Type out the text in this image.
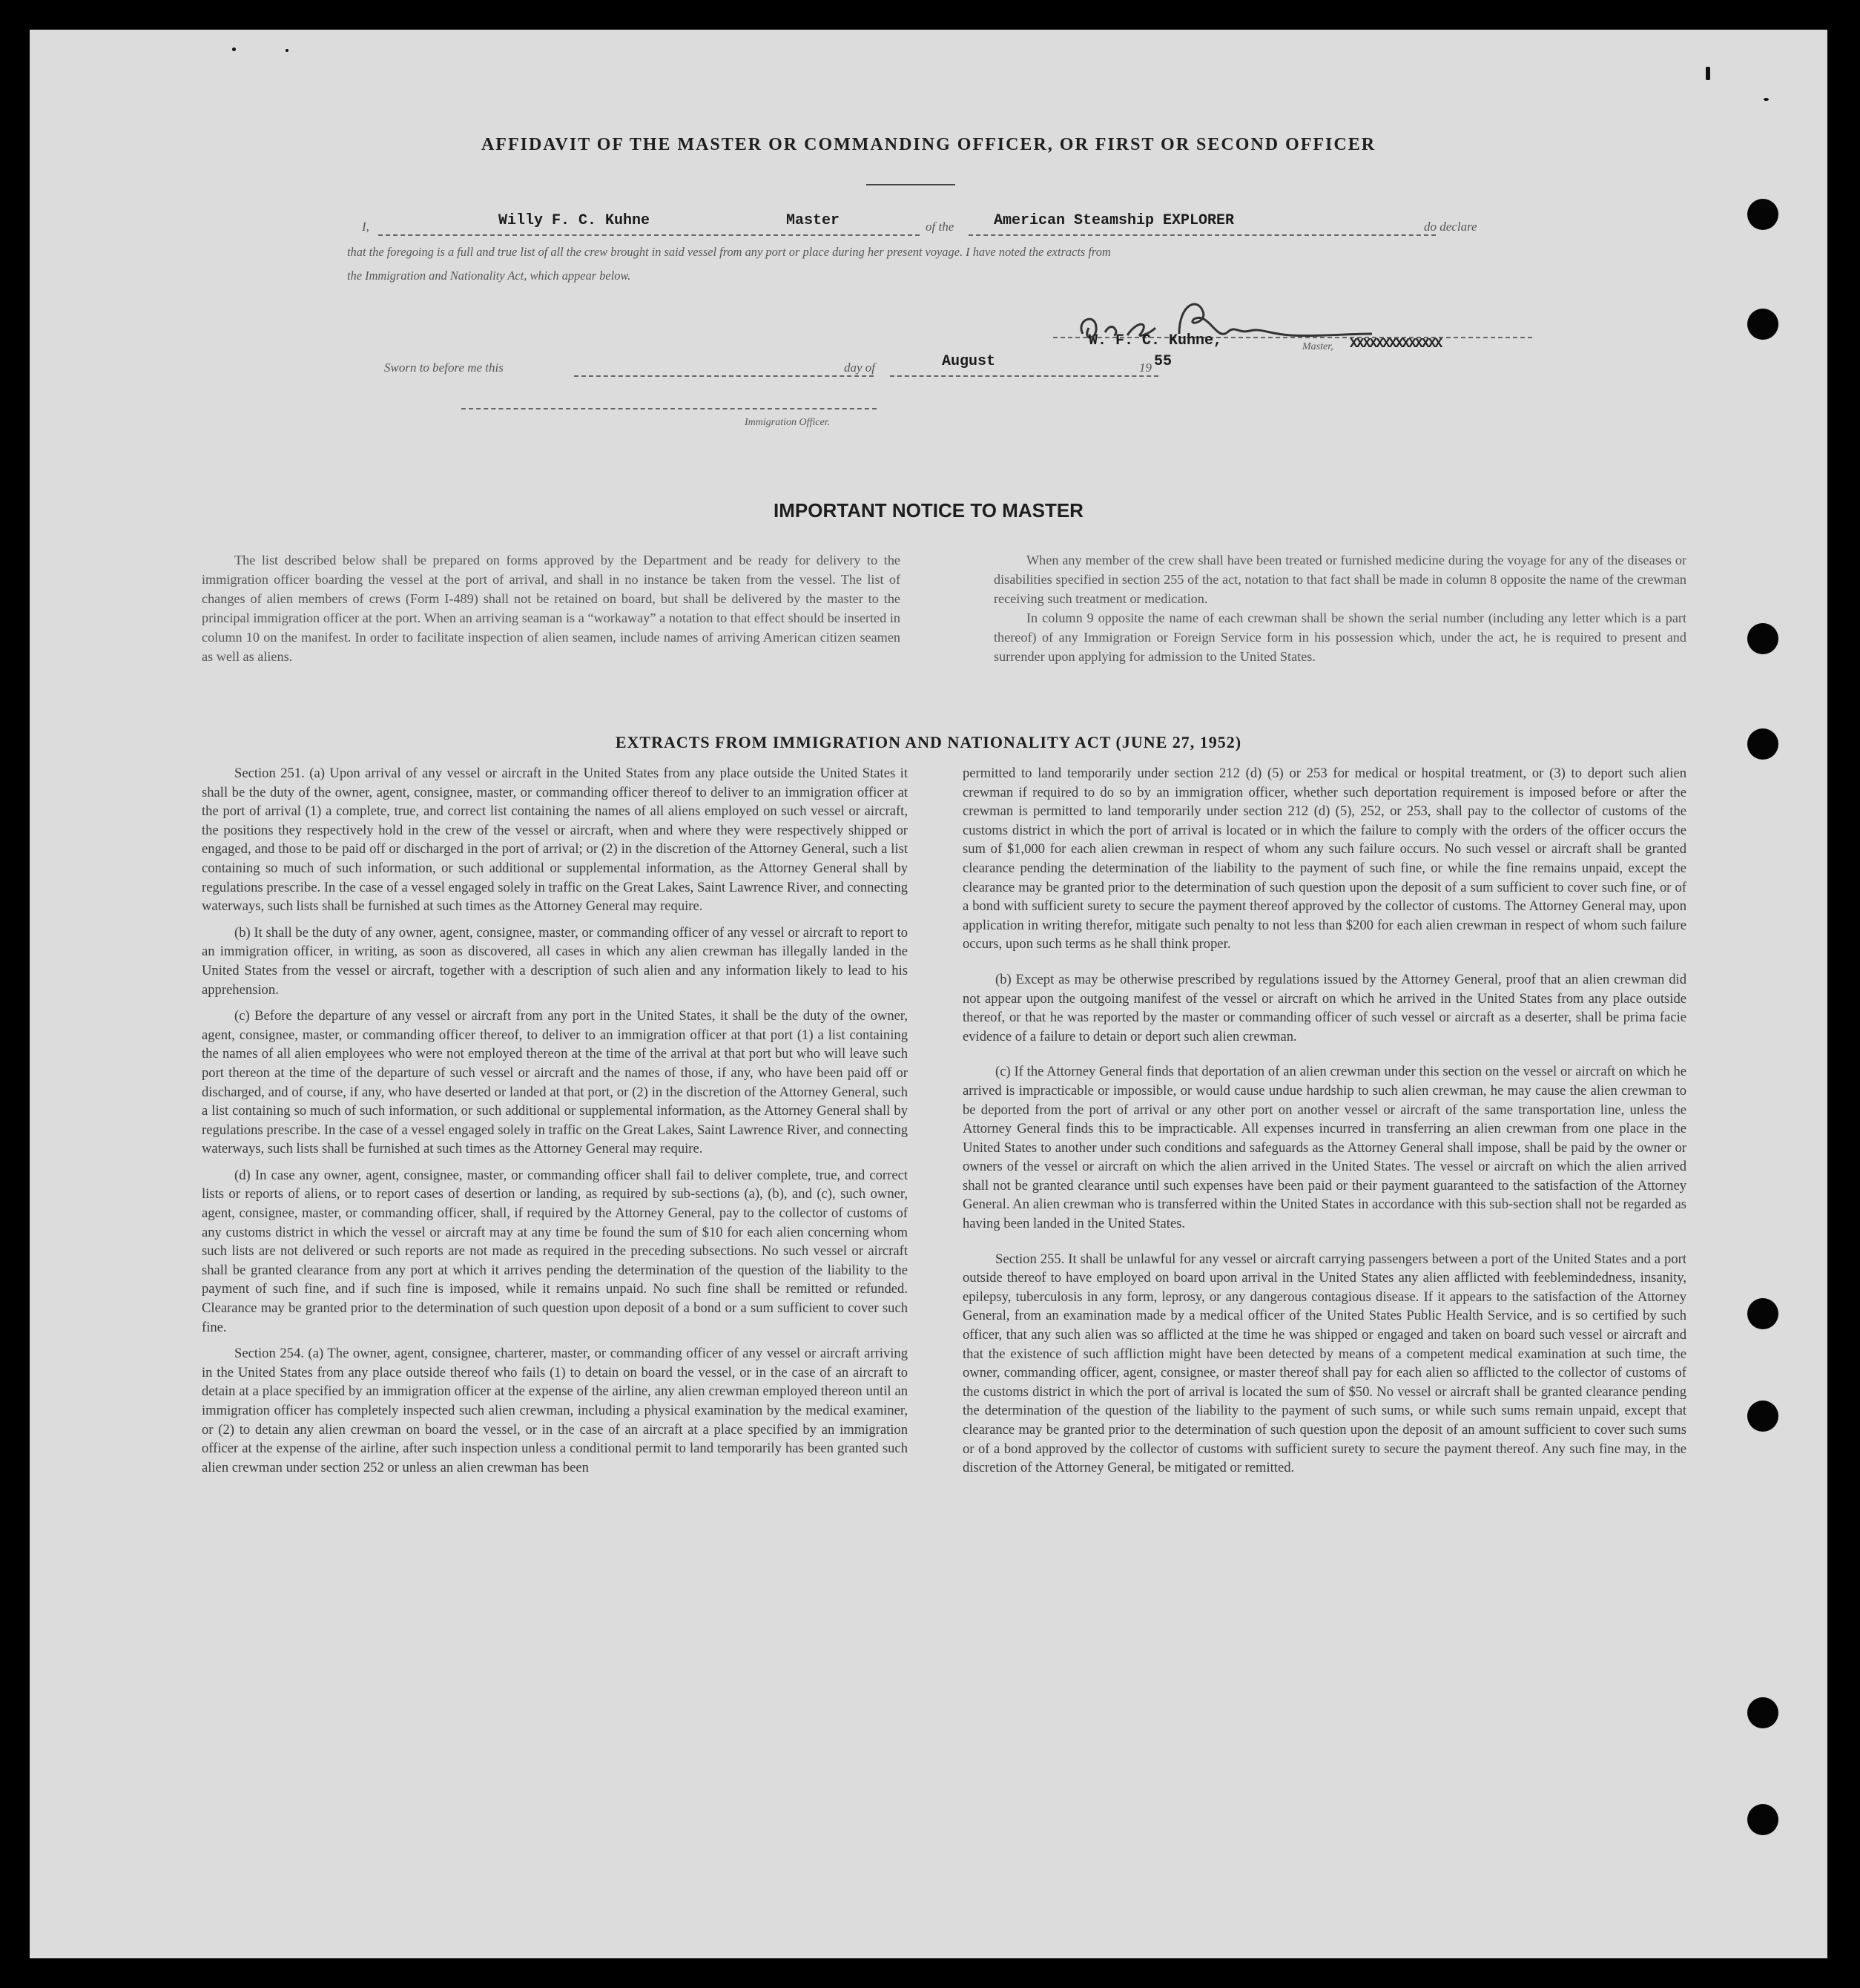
AFFIDAVIT OF THE MASTER OR COMMANDING OFFICER, OR FIRST OR SECOND OFFICER
I,	Willy F. C. Kuhne	Master	of the	American Steamship EXPLORER	do declare
that the foregoing is a full and true list of all the crew brought in said vessel from any port or place during her present voyage. I have noted the extracts from
the Immigration and Nationality Act, which appear below.
W. F. C. Kuhne,	Master, XXXXXXXXXXXXXX
Sworn to before me this	day of	August	19 55
Immigration Officer.
IMPORTANT NOTICE TO MASTER

The list described below shall be prepared on forms approved by the Department and be ready for delivery to the immigration officer boarding the vessel at the port of arrival, and shall in no instance be taken from the vessel. The list of changes of alien members of crews (Form I-489) shall not be retained on board, but shall be delivered by the master to the principal immigration officer at the port. When an arriving seaman is a “workaway” a notation to that effect should be inserted in column 10 on the manifest. In order to facilitate inspection of alien seamen, include names of arriving American citizen seamen as well as aliens.

When any member of the crew shall have been treated or furnished medicine during the voyage for any of the diseases or disabilities specified in section 255 of the act, notation to that fact shall be made in column 8 opposite the name of the crewman receiving such treatment or medication.

In column 9 opposite the name of each crewman shall be shown the serial number (including any letter which is a part thereof) of any Immigration or Foreign Service form in his possession which, under the act, he is required to present and surrender upon applying for admission to the United States.

EXTRACTS FROM IMMIGRATION AND NATIONALITY ACT (JUNE 27, 1952)

Section 251. (a) Upon arrival of any vessel or aircraft in the United States from any place outside the United States it shall be the duty of the owner, agent, consignee, master, or commanding officer thereof to deliver to an immigration officer at the port of arrival (1) a complete, true, and correct list containing the names of all aliens employed on such vessel or aircraft, the positions they respectively hold in the crew of the vessel or aircraft, when and where they were respectively shipped or engaged, and those to be paid off or discharged in the port of arrival; or (2) in the discretion of the Attorney General, such a list containing so much of such information, or such additional or supplemental information, as the Attorney General shall by regulations prescribe. In the case of a vessel engaged solely in traffic on the Great Lakes, Saint Lawrence River, and connecting waterways, such lists shall be furnished at such times as the Attorney General may require.

(b) It shall be the duty of any owner, agent, consignee, master, or commanding officer of any vessel or aircraft to report to an immigration officer, in writing, as soon as discovered, all cases in which any alien crewman has illegally landed in the United States from the vessel or aircraft, together with a description of such alien and any information likely to lead to his apprehension.

(c) Before the departure of any vessel or aircraft from any port in the United States, it shall be the duty of the owner, agent, consignee, master, or commanding officer thereof, to deliver to an immigration officer at that port (1) a list containing the names of all alien employees who were not employed thereon at the time of the arrival at that port but who will leave such port thereon at the time of the departure of such vessel or aircraft and the names of those, if any, who have been paid off or discharged, and of course, if any, who have deserted or landed at that port, or (2) in the discretion of the Attorney General, such a list containing so much of such information, or such additional or supplemental information, as the Attorney General shall by regulations prescribe. In the case of a vessel engaged solely in traffic on the Great Lakes, Saint Lawrence River, and connecting waterways, such lists shall be furnished at such times as the Attorney General may require.

(d) In case any owner, agent, consignee, master, or commanding officer shall fail to deliver complete, true, and correct lists or reports of aliens, or to report cases of desertion or landing, as required by sub-sections (a), (b), and (c), such owner, agent, consignee, master, or commanding officer, shall, if required by the Attorney General, pay to the collector of customs of any customs district in which the vessel or aircraft may at any time be found the sum of $10 for each alien concerning whom such lists are not delivered or such reports are not made as required in the preceding subsections. No such vessel or aircraft shall be granted clearance from any port at which it arrives pending the determination of the question of the liability to the payment of such fine, and if such fine is imposed, while it remains unpaid. No such fine shall be remitted or refunded. Clearance may be granted prior to the determination of such question upon deposit of a bond or a sum sufficient to cover such fine.

Section 254. (a) The owner, agent, consignee, charterer, master, or commanding officer of any vessel or aircraft arriving in the United States from any place outside thereof who fails (1) to detain on board the vessel, or in the case of an aircraft to detain at a place specified by an immigration officer at the expense of the airline, any alien crewman employed thereon until an immigration officer has completely inspected such alien crewman, including a physical examination by the medical examiner, or (2) to detain any alien crewman on board the vessel, or in the case of an aircraft at a place specified by an immigration officer at the expense of the airline, after such inspection unless a conditional permit to land temporarily has been granted such alien crewman under section 252 or unless an alien crewman has been

permitted to land temporarily under section 212 (d) (5) or 253 for medical or hospital treatment, or (3) to deport such alien crewman if required to do so by an immigration officer, whether such deportation requirement is imposed before or after the crewman is permitted to land temporarily under section 212 (d) (5), 252, or 253, shall pay to the collector of customs of the customs district in which the port of arrival is located or in which the failure to comply with the orders of the officer occurs the sum of $1,000 for each alien crewman in respect of whom any such failure occurs. No such vessel or aircraft shall be granted clearance pending the determination of the liability to the payment of such fine, or while the fine remains unpaid, except the clearance may be granted prior to the determination of such question upon the deposit of a sum sufficient to cover such fine, or of a bond with sufficient surety to secure the payment thereof approved by the collector of customs. The Attorney General may, upon application in writing therefor, mitigate such penalty to not less than $200 for each alien crewman in respect of whom such failure occurs, upon such terms as he shall think proper.

(b) Except as may be otherwise prescribed by regulations issued by the Attorney General, proof that an alien crewman did not appear upon the outgoing manifest of the vessel or aircraft on which he arrived in the United States from any place outside thereof, or that he was reported by the master or commanding officer of such vessel or aircraft as a deserter, shall be prima facie evidence of a failure to detain or deport such alien crewman.

(c) If the Attorney General finds that deportation of an alien crewman under this section on the vessel or aircraft on which he arrived is impracticable or impossible, or would cause undue hardship to such alien crewman, he may cause the alien crewman to be deported from the port of arrival or any other port on another vessel or aircraft of the same transportation line, unless the Attorney General finds this to be impracticable. All expenses incurred in transferring an alien crewman from one place in the United States to another under such conditions and safeguards as the Attorney General shall impose, shall be paid by the owner or owners of the vessel or aircraft on which the alien arrived in the United States. The vessel or aircraft on which the alien arrived shall not be granted clearance until such expenses have been paid or their payment guaranteed to the satisfaction of the Attorney General. An alien crewman who is transferred within the United States in accordance with this sub-section shall not be regarded as having been landed in the United States.

Section 255. It shall be unlawful for any vessel or aircraft carrying passengers between a port of the United States and a port outside thereof to have employed on board upon arrival in the United States any alien afflicted with feeblemindedness, insanity, epilepsy, tuberculosis in any form, leprosy, or any dangerous contagious disease. If it appears to the satisfaction of the Attorney General, from an examination made by a medical officer of the United States Public Health Service, and is so certified by such officer, that any such alien was so afflicted at the time he was shipped or engaged and taken on board such vessel or aircraft and that the existence of such affliction might have been detected by means of a competent medical examination at such time, the owner, commanding officer, agent, consignee, or master thereof shall pay for each alien so afflicted to the collector of customs of the customs district in which the port of arrival is located the sum of $50. No vessel or aircraft shall be granted clearance pending the determination of the question of the liability to the payment of such sums, or while such sums remain unpaid, except that clearance may be granted prior to the determination of such question upon the deposit of an amount sufficient to cover such sums or of a bond approved by the collector of customs with sufficient surety to secure the payment thereof. Any such fine may, in the discretion of the Attorney General, be mitigated or remitted.
